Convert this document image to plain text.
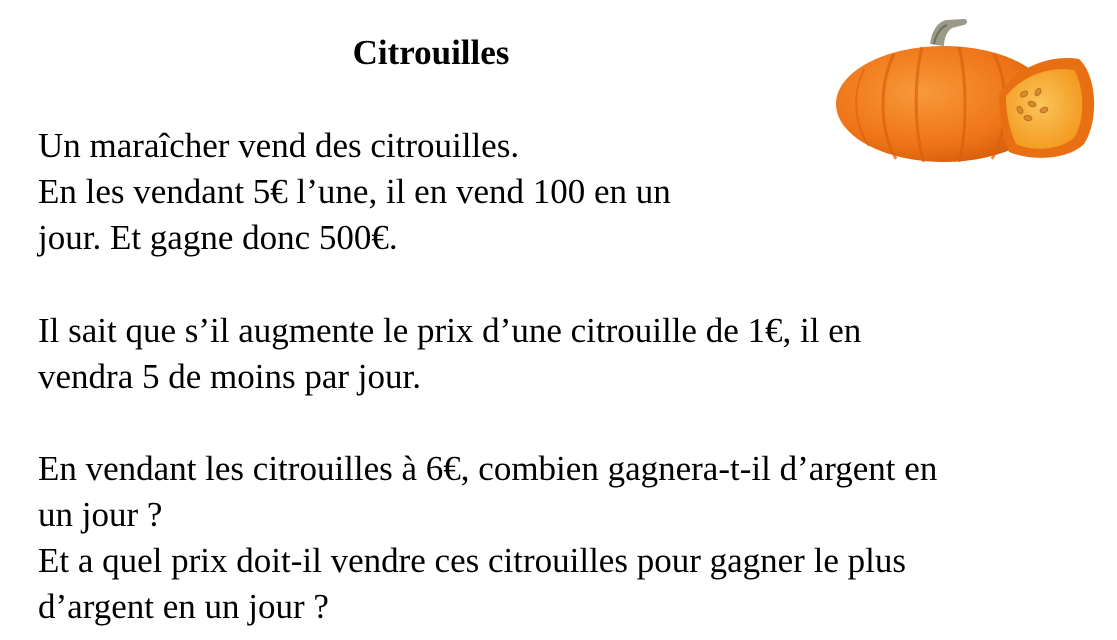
Citrouilles
Un maraîcher vend des citrouilles.
En les vendant 5€ l’une, il en vend 100 en un
jour. Et gagne donc 500€.
Il sait que s’il augmente le prix d’une citrouille de 1€, il en
vendra 5 de moins par jour.
En vendant les citrouilles à 6€, combien gagnera-t-il d’argent en
un jour ?
Et a quel prix doit-il vendre ces citrouilles pour gagner le plus
d’argent en un jour ?
